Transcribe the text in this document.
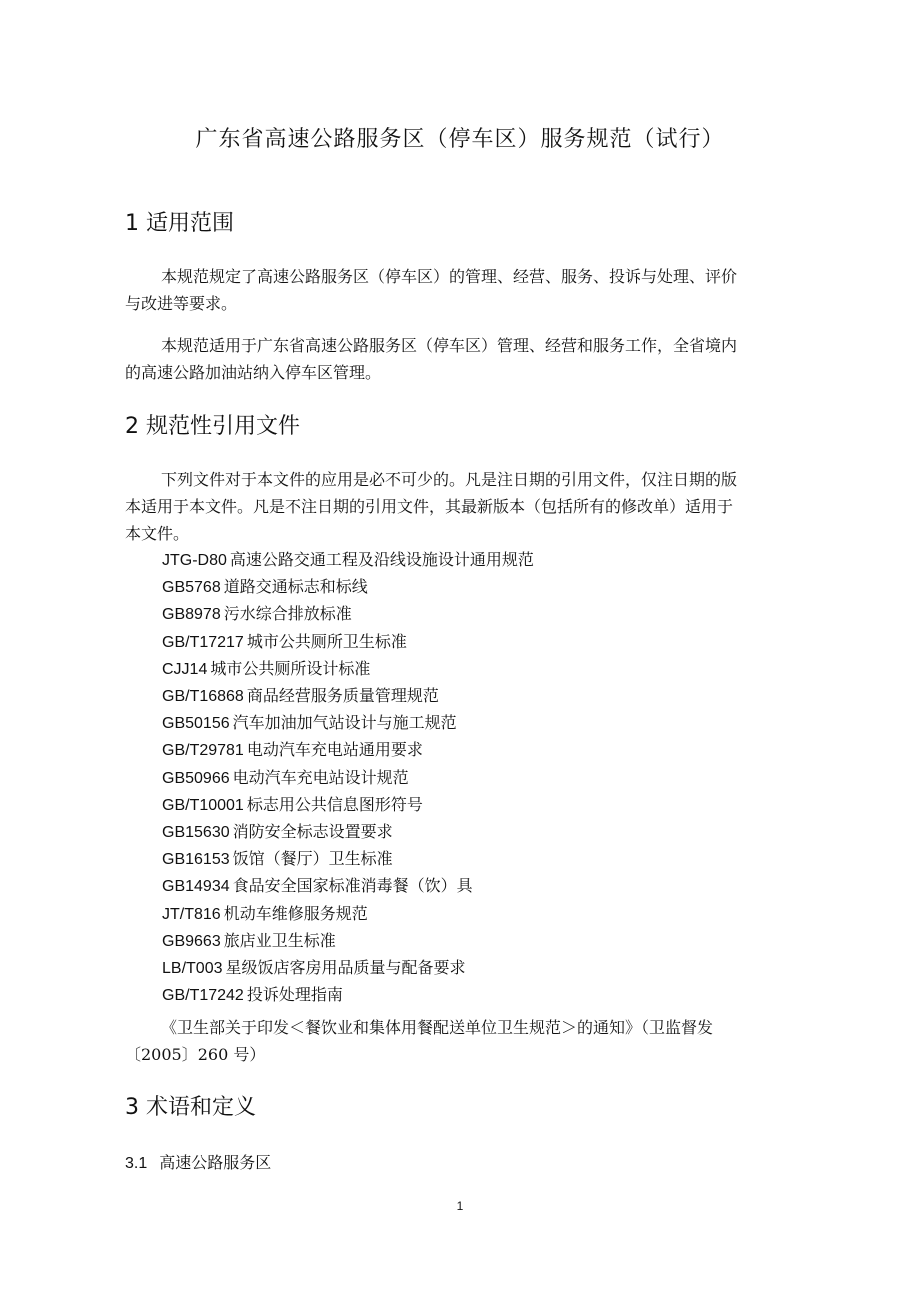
广东省高速公路服务区（停车区）服务规范（试行）
1 适用范围
本规范规定了高速公路服务区（停车区）的管理、经营、服务、投诉与处理、评价与改进等要求。
本规范适用于广东省高速公路服务区（停车区）管理、经营和服务工作，全省境内的高速公路加油站纳入停车区管理。
2 规范性引用文件
下列文件对于本文件的应用是必不可少的。凡是注日期的引用文件，仅注日期的版本适用于本文件。凡是不注日期的引用文件，其最新版本（包括所有的修改单）适用于本文件。
JTG-D80 高速公路交通工程及沿线设施设计通用规范
GB5768 道路交通标志和标线
GB8978 污水综合排放标准
GB/T17217 城市公共厕所卫生标准
CJJ14 城市公共厕所设计标准
GB/T16868 商品经营服务质量管理规范
GB50156 汽车加油加气站设计与施工规范
GB/T29781 电动汽车充电站通用要求
GB50966 电动汽车充电站设计规范
GB/T10001 标志用公共信息图形符号
GB15630 消防安全标志设置要求
GB16153 饭馆（餐厅）卫生标准
GB14934 食品安全国家标准消毒餐（饮）具
JT/T816 机动车维修服务规范
GB9663 旅店业卫生标准
LB/T003 星级饭店客房用品质量与配备要求
GB/T17242 投诉处理指南
《卫生部关于印发＜餐饮业和集体用餐配送单位卫生规范＞的通知》（卫监督发〔2005〕260 号）
3 术语和定义
3.1 高速公路服务区
1
